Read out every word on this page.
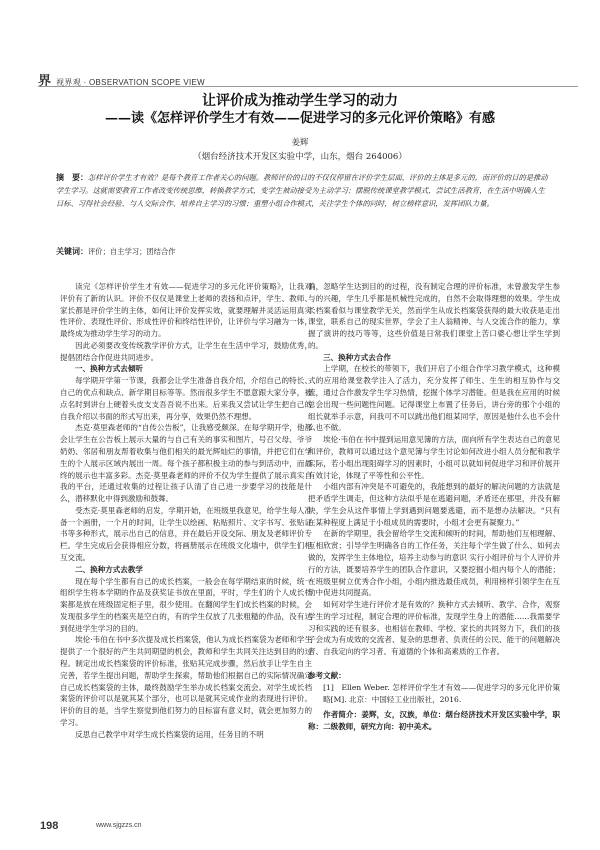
界 视界观 · OBSERVATION SCOPE VIEW
让评价成为推动学生学习的动力
——读《怎样评价学生才有效——促进学习的多元化评价策略》有感
姜辉
（烟台经济技术开发区实验中学，山东，烟台 264006）
摘　要：怎样评价学生才有效？是每个教育工作者关心的问题。教师评价的目的不仅仅停留在评价学生层面，评价的主体是多元的，而评价的目的是推动学生学习。这就需要教育工作者改变传统思维，转换教学方式，变学生被动接受为主动学习；摆脱传统课堂教学模式，尝试生活教育，在生活中明确人生目标、习得社会经验、与人交际合作、培养自主学习的习惯；重塑小组合作模式，关注学生个体的同时，树立榜样意识，发挥团队力量。
关键词：评价；自主学习；团结合作

读完《怎样评价学生才有效——促进学习的多元化评价策略》，让我对评价有了新的认识。评价不仅仅是课堂上老师的表扬和点评，学生、教师、家长都是评价学生的主体，如何让评价发挥实效，就要理解并灵活运用真实性评价、表现性评价、形成性评价和终结性评价，让评价与学习融为一体，最终成为推动学生学习的动力。

因此必须要改变传统教学评价方式，让学生在生活中学习，鼓励优秀，提倡团结合作促进共同进步。

一、换种方式去倾听

每学期开学第一节课，我都会让学生准备自我介绍，介绍自己的特长、自己的优点和缺点、新学期目标等等。然而很多学生不愿意跟大家分享，被点名时到讲台上硬着头皮支支吾吾说不出来。后来我又尝试让学生把自己的自我介绍以书面的形式写出来，再分享，效果仍然不理想。

杰克·莫里森老师的“自传公告板”，让我感受颇深。在每学期开学，他都会让学生在公告板上展示大量的与自己有关的事实和图片，号召父母、爷爷奶奶、邻居和朋友帮着收集与他们相关的最光辉灿烂的事情，并把它们在学生的个人展示区域内展出一周。每个孩子都积极主动的参与到活动中，而最终的展示也丰富多彩。杰克·莫里森老师的评价不仅为学生提供了展示真实自我的平台，还通过收集的过程让孩子认清了自己进一步要学习的技能是什么，潜移默化中得到激励和鼓舞。

受杰克·莫里森老师的启发，学期开始，在班级里我意见，给学生每人准备一个画册，一个月的时间，让学生以绘画、粘贴照片、文字书写、张贴证书等多种形式，展示出自己的信息，并在最后开设交际、朋友及老师评价专栏。学生完成后会获得相应分数，将画册展示在班级文化墙中，供学生们相互交流。

二、换种方式去教学

现在每个学生都有自己的成长档案，一般会在每学期结束的时候，统一组织学生将本学期的作品及获奖证书放在里面，平时，学生们的个人成长档案都是放在班级固定柜子里，很少使用。在翻阅学生们成长档案的时候，会发现很多学生的档案夹是空白的，有的学生仅放了几张粗糙的作品，没有达到促进学生学习的目的。

埃伦·韦伯在书中多次提及成长档案袋，他认为成长档案袋为老师和学生提供了一个很好的产生共同期望的机会，教师和学生共同关注达到目的的过程。制定出成长档案袋的评价标准，张贴其完成步骤，然后放手让学生自主完善，若学生提出问题，帮助学生探索，帮助他们根据自己的实际情况确定自己成长档案袋的主体，最终鼓励学生举办成长档案交流会。对学生成长档案袋的评价可以是就其某个部分，也可以是就其完成作业的表现进行评价。评价的目的是，当学生察觉到他们努力的目标富有意义时，就会更加努力的学习。

反思自己教学中对学生成长档案袋的运用，任务目的不明

确，忽略学生达到目的的过程，没有制定合理的评价标准，未曾激发学生参与的兴趣，学生几乎都是机械性完成的，自然不会取得理想的效果。学生成长档案看似与课堂教学无关，然而学生从成长档案袋获得的最大收获是走出课堂，联系自己的现实世界，学会了主人翁精神、与人交流合作的能力，掌握了演讲的技巧等等，这些价值是日常我们课堂上苦口婆心想让学生学到的。

三、换种方式去合作

上学期，在校长的带领下，我们开启了小组合作学习教学模式，这种模式的应用给课堂教学注入了活力，充分发挥了师生、生生的相互协作与交流，通过合作激发学生学习热情，挖掘个体学习潜能。但是我在应用的时候总会出现一些问题性问题。记得课堂上布置了任务后，讲台旁的那个小组的组长就举手示意，问我可不可以跳出他们组某同学，原因是他什么也不会什么也不做。

埃伦·韦伯在书中提到运用意见簿的方法，面向所有学生表达自己的意见和评价，教师可以通过这个意见簿与学生讨论如何改进小组人员分配和教学实际，若小组出现阻碍学习的因素时，小组可以就如何促进学习和评价展开有效讨论，体现了平等性和公平性。

小组内部有冲突是不可避免的，我能想到的最好的解决问题的方法就是把矛盾学生调走，但这种方法似乎是在逃避问题，矛盾还在那里，并没有解决，学生会从这件事情上学到遇到问题要逃避，而不是想办法解决。“只有在某种程度上满足于小组成员的需要时，小组才会更有凝聚力。”

在新的学期里，我会留给学生交流和倾听的时间，帮助他们互相理解、互相欣赏；引导学生明确各自的工作任务，关注每个学生做了什么、如何去做的，发挥学生主体地位，培养主动参与的意识 实行小组评价与个人评价并行的方法，既要培养学生的团队合作意识，又要挖掘小组内每个人的潜能；在班级里树立优秀合作小组，小组内推选最佳成员，利用榜样引领学生在互动中促进共同提高。

如何对学生进行评价才是有效的？换种方式去倾听、教学、合作，观察学生的学习过程，制定合理的评价标准，发现学生身上的潜能……我需要学习和实践的还有很多。也相信在教师、学校、家长的共同努力下，我们的孩子会成为有成效的交流者、复杂的思想者、负责任的公民、能干的问题解决者、自我定向的学习者、有道德的个体和高素质的工作者。

参考文献：

[1]　Ellen Weber. 怎样评价学生才有效——促进学习的多元化评价策略[M]. 北京：中国轻工业出版社，2016.

作者简介：姜辉，女，汉族，单位：烟台经济技术开发区实验中学，职称：二级教师，研究方向：初中美术。

198	www.sjgzzs.cn
